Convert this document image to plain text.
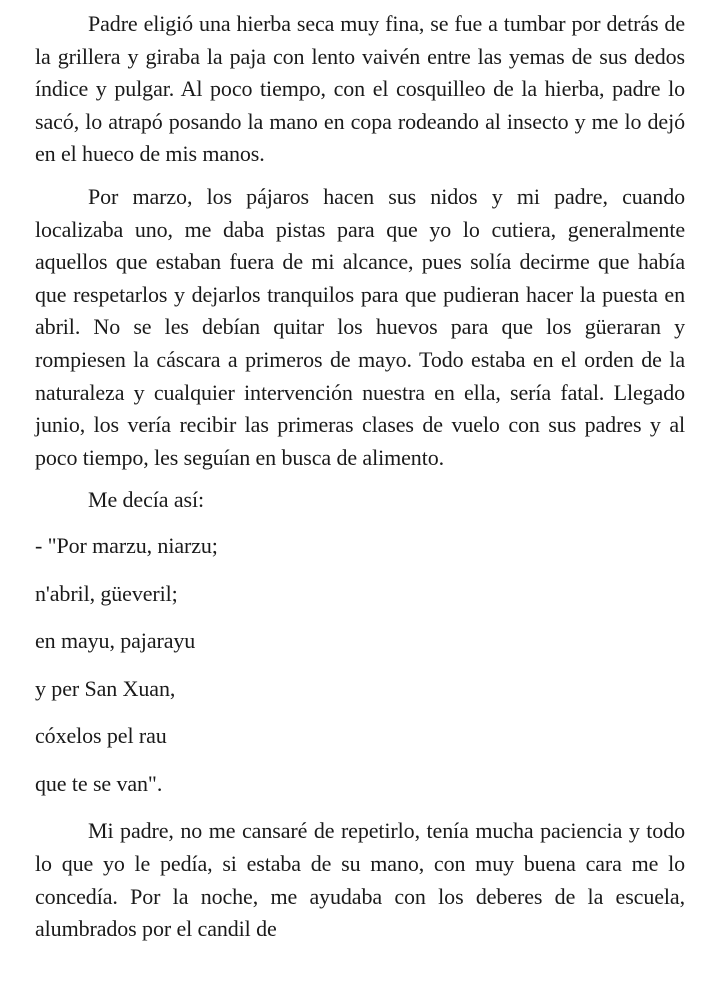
Padre eligió una hierba seca muy fina, se fue a tumbar por detrás de la grillera y giraba la paja con lento vaivén entre las yemas de sus dedos índice y pulgar. Al poco tiempo, con el cosquilleo de la hierba, padre lo sacó, lo atrapó posando la mano en copa rodeando al insecto y me lo dejó en el hueco de mis manos.

Por marzo, los pájaros hacen sus nidos y mi padre, cuando localizaba uno, me daba pistas para que yo lo cutiera, generalmente aquellos que estaban fuera de mi alcance, pues solía decirme que había que respetarlos y dejarlos tranquilos para que pudieran hacer la puesta en abril. No se les debían quitar los huevos para que los güeraran y rompiesen la cáscara a primeros de mayo. Todo estaba en el orden de la naturaleza y cualquier intervención nuestra en ella, sería fatal. Llegado junio, los vería recibir las primeras clases de vuelo con sus padres y al poco tiempo, les seguían en busca de alimento.

Me decía así:

- "Por marzu, niarzu;

n'abril, güeveril;

en mayu, pajarayu

y per San Xuan,

cóxelos pel rau

que te se van".

Mi padre, no me cansaré de repetirlo, tenía mucha paciencia y todo lo que yo le pedía, si estaba de su mano, con muy buena cara me lo concedía. Por la noche, me ayudaba con los deberes de la escuela, alumbrados por el candil de
